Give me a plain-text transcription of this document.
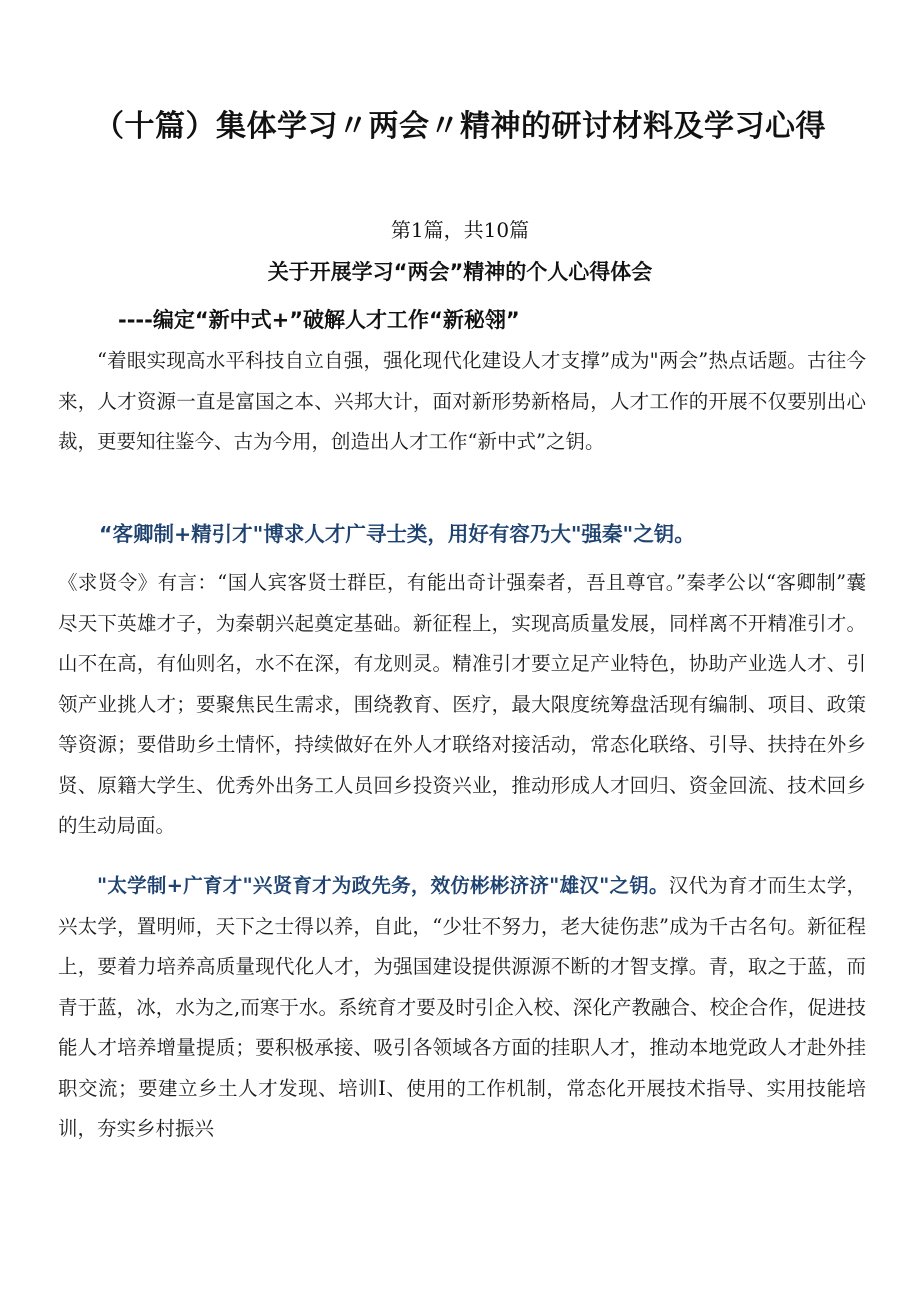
（十篇）集体学习〃两会〃精神的研讨材料及学习心得
第1篇，共10篇
关于开展学习“两会”精神的个人心得体会
----编定“新中式+”破解人才工作“新秘翎”

“着眼实现高水平科技自立自强，强化现代化建设人才支撑”成为"两会”热点话题。古往今来，人才资源一直是富国之本、兴邦大计，面对新形势新格局，人才工作的开展不仅要别出心裁，更要知往鉴今、古为今用，创造出人才工作“新中式”之钥。

“客卿制+精引才"博求人才广寻士类，用好有容乃大"强秦"之钥。

《求贤令》有言：“国人宾客贤士群臣，有能出奇计强秦者，吾且尊官。”秦孝公以“客卿制”囊尽天下英雄才子，为秦朝兴起奠定基础。新征程上，实现高质量发展，同样离不开精准引才。山不在高，有仙则名，水不在深，有龙则灵。精准引才要立足产业特色，协助产业选人才、引领产业挑人才；要聚焦民生需求，围绕教育、医疗，最大限度统筹盘活现有编制、项目、政策等资源；要借助乡土情怀，持续做好在外人才联络对接活动，常态化联络、引导、扶持在外乡贤、原籍大学生、优秀外出务工人员回乡投资兴业，推动形成人才回归、资金回流、技术回乡的生动局面。

"太学制+广育才"兴贤育才为政先务，效仿彬彬济济"雄汉"之钥。汉代为育才而生太学，兴太学，置明师，天下之士得以养，自此，“少壮不努力，老大徒伤悲”成为千古名句。新征程上，要着力培养高质量现代化人才，为强国建设提供源源不断的才智支撑。青，取之于蓝，而青于蓝，冰，水为之,而寒于水。系统育才要及时引企入校、深化产教融合、校企合作，促进技能人才培养增量提质；要积极承接、吸引各领域各方面的挂职人才，推动本地党政人才赴外挂职交流；要建立乡土人才发现、培训I、使用的工作机制，常态化开展技术指导、实用技能培训，夯实乡村振兴
